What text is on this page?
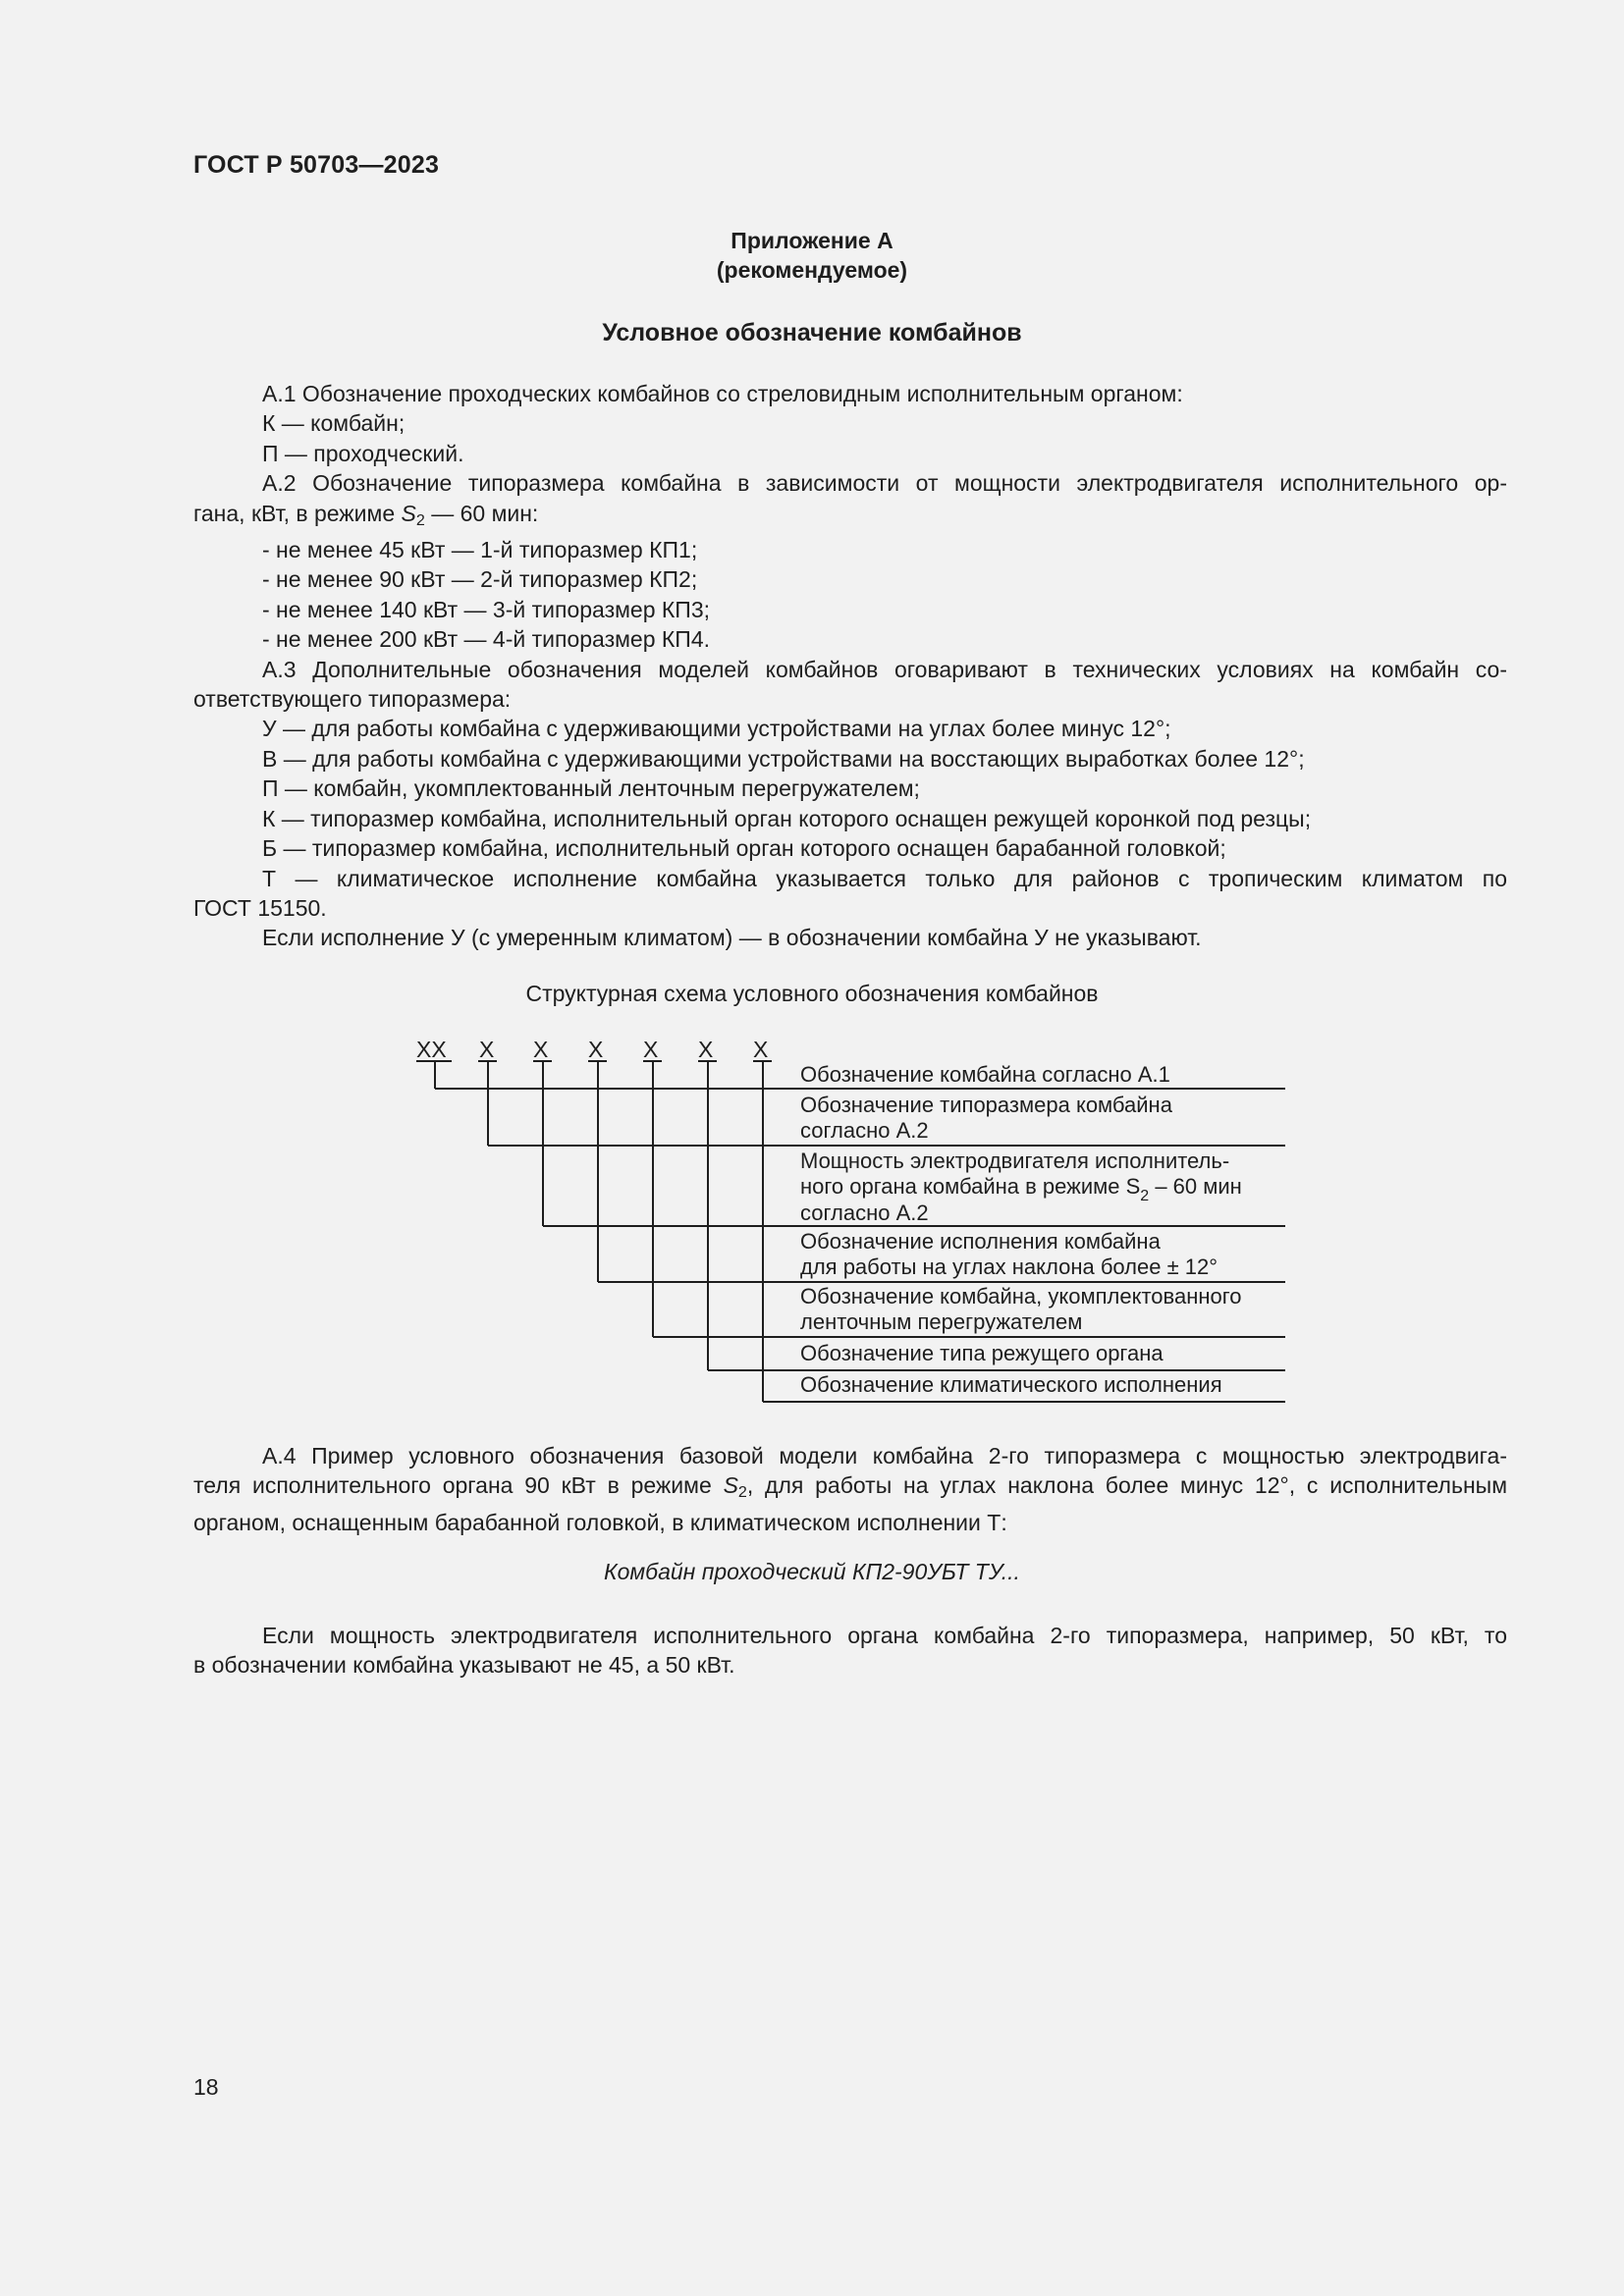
ГОСТ Р 50703—2023
Приложение А
(рекомендуемое)
Условное обозначение комбайнов

А.1 Обозначение проходческих комбайнов со стреловидным исполнительным органом:

К — комбайн;

П — проходческий.

А.2 Обозначение типоразмера комбайна в зависимости от мощности электродвигателя исполнительного ор-

гана, кВт, в режиме $S_2$ — 60 мин:

- не менее 45 кВт — 1-й типоразмер КП1;

- не менее 90 кВт — 2-й типоразмер КП2;

- не менее 140 кВт — 3-й типоразмер КП3;

- не менее 200 кВт — 4-й типоразмер КП4.

А.3 Дополнительные обозначения моделей комбайнов оговаривают в технических условиях на комбайн со-

ответствующего типоразмера:

У — для работы комбайна с удерживающими устройствами на углах более минус 12°;

В — для работы комбайна с удерживающими устройствами на восстающих выработках более 12°;

П — комбайн, укомплектованный ленточным перегружателем;

К — типоразмер комбайна, исполнительный орган которого оснащен режущей коронкой под резцы;

Б — типоразмер комбайна, исполнительный орган которого оснащен барабанной головкой;

Т — климатическое исполнение комбайна указывается только для районов с тропическим климатом по

ГОСТ 15150.

Если исполнение У (с умеренным климатом) — в обозначении комбайна У не указывают.

Структурная схема условного обозначения комбайнов
ХХ Х Х Х Х Х Х
Обозначение комбайна согласно А.1
Обозначение типоразмера комбайна
согласно А.2
Мощность электродвигателя исполнитель-
ного органа комбайна в режиме $S_2 - 60$ мин
согласно А.2
Обозначение исполнения комбайна
для работы на углах наклона более ± 12°
Обозначение комбайна, укомплектованного
ленточным перегружателем
Обозначение типа режущего органа
Обозначение климатического исполнения

А.4 Пример условного обозначения базовой модели комбайна 2-го типоразмера с мощностью электродвига-

теля исполнительного органа 90 кВт в режиме $S_2$, для работы на углах наклона более минус 12°, с исполнительным

органом, оснащенным барабанной головкой, в климатическом исполнении Т:

Комбайн проходческий КП2-90УБТ ТУ...

Если мощность электродвигателя исполнительного органа комбайна 2-го типоразмера, например, 50 кВт, то

в обозначении комбайна указывают не 45, а 50 кВт.

18
